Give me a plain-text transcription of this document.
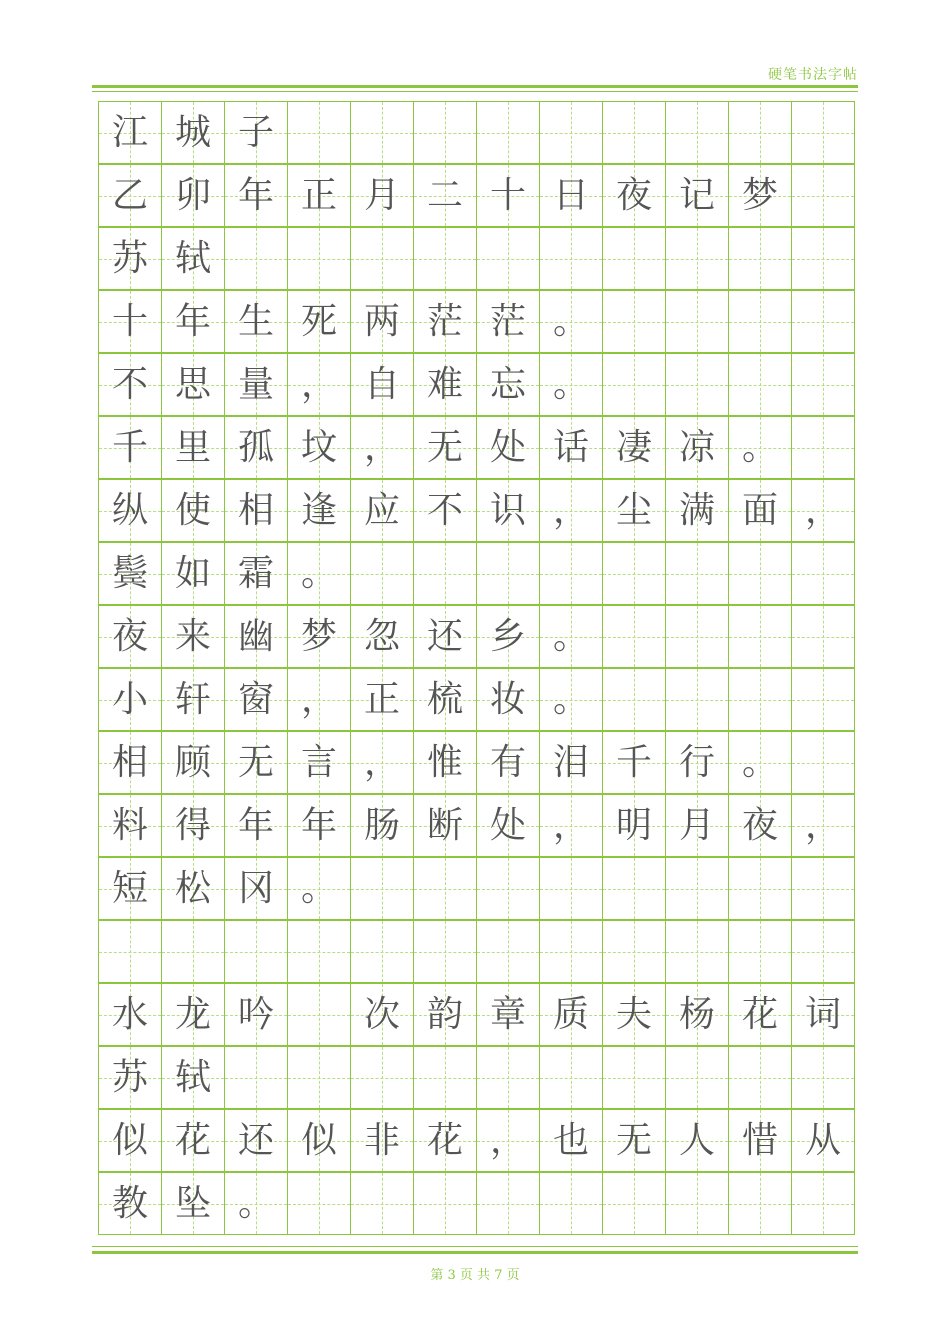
硬笔书法字帖
江 城 子
乙 卯 年 正 月 二 十 日 夜 记 梦
苏 轼
十 年 生 死 两 茫 茫 。
不 思 量 ， 自 难 忘 。
千 里 孤 坟 ， 无 处 话 凄 凉 。
纵 使 相 逢 应 不 识 ， 尘 满 面 ，
鬓 如 霜 。
夜 来 幽 梦 忽 还 乡 。
小 轩 窗 ， 正 梳 妆 。
相 顾 无 言 ， 惟 有 泪 千 行 。
料 得 年 年 肠 断 处 ， 明 月 夜 ，
短 松 冈 。
水 龙 吟	次 韵 章 质 夫 杨 花 词
苏 轼
似 花 还 似 非 花 ， 也 无 人 惜 从
教 坠 。
第 3 页 共 7 页
